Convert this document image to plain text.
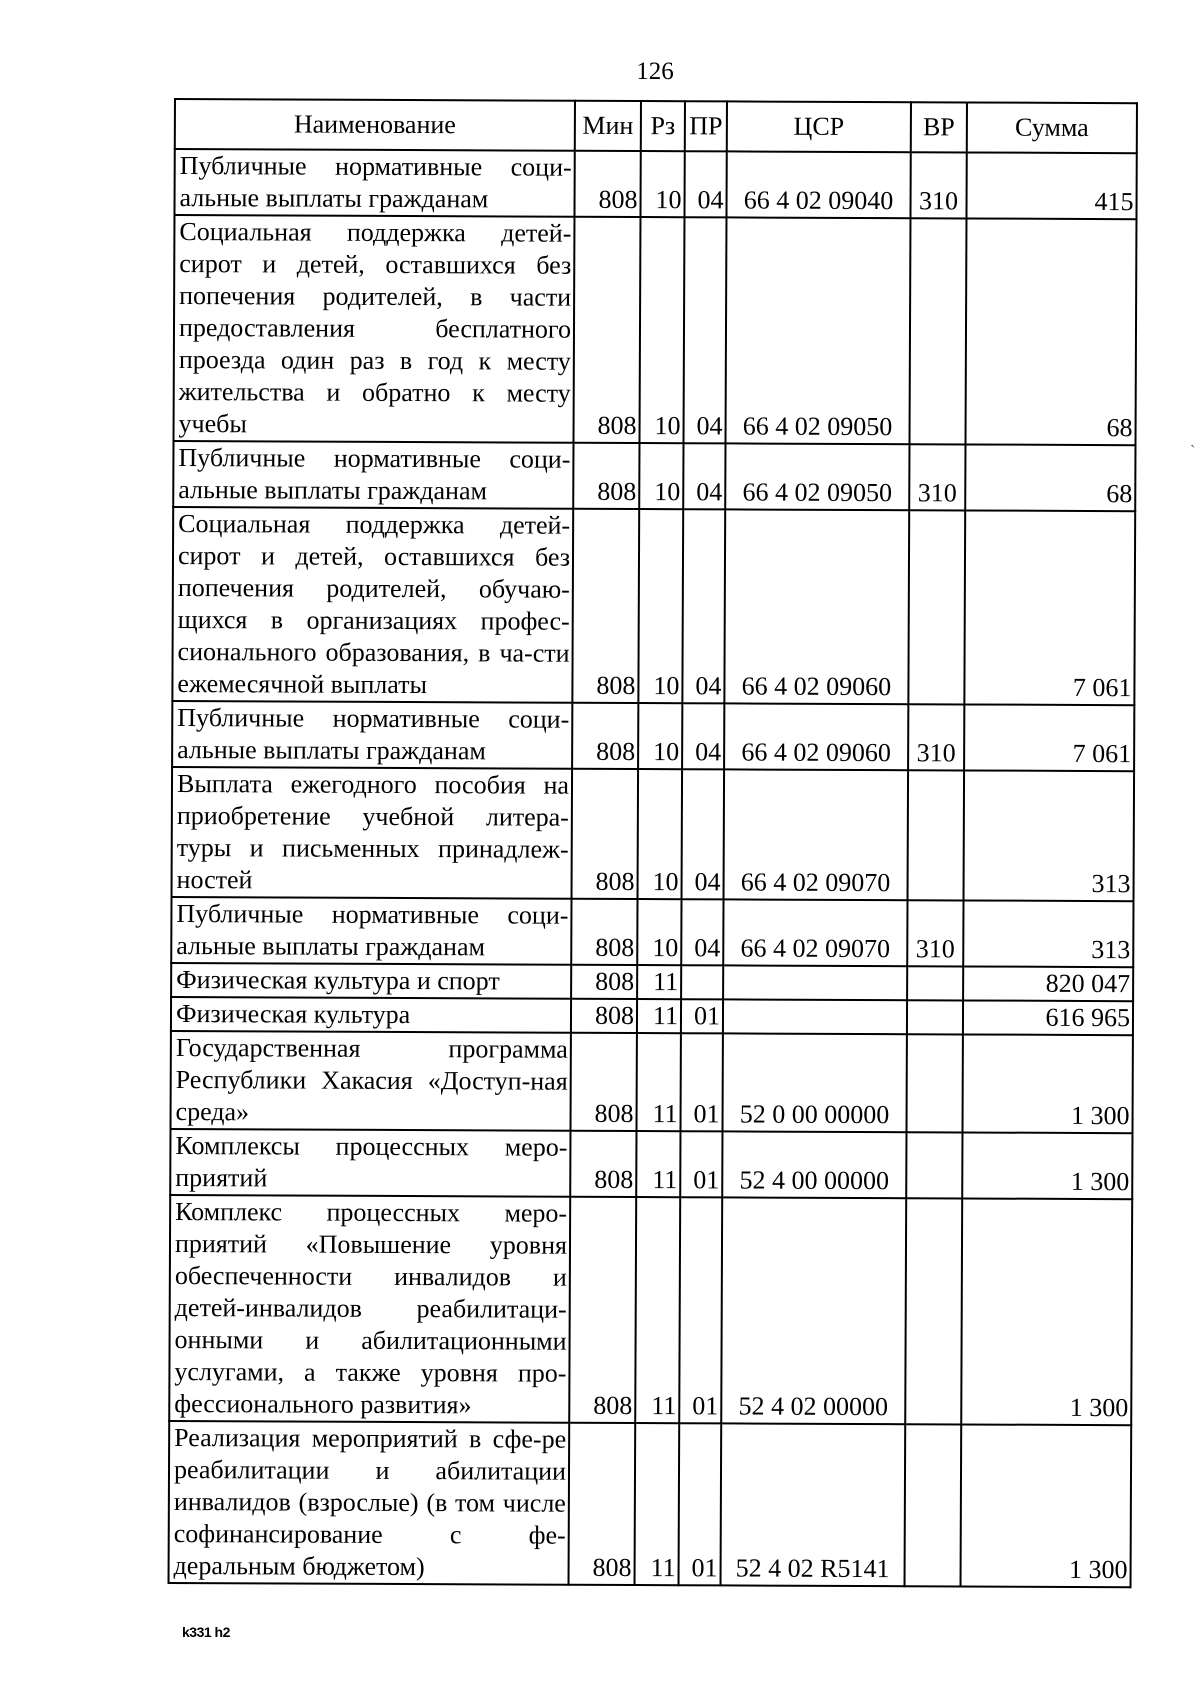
126
Наименование	Мин	Рз	ПР	ЦСР	ВР	Сумма
Публичные нормативные соци-альные выплаты гражданам	808	10	04	66 4 02 09040	310	415
Социальная поддержка детей-сирот и детей, оставшихся без попечения родителей, в части предоставления бесплатного проезда один раз в год к месту жительства и обратно к месту учебы	808	10	04	66 4 02 09050		68
Публичные нормативные соци-альные выплаты гражданам	808	10	04	66 4 02 09050	310	68
Социальная поддержка детей-сирот и детей, оставшихся без попечения родителей, обучаю-щихся в организациях профес-сионального образования, в ча-сти ежемесячной выплаты	808	10	04	66 4 02 09060		7 061
Публичные нормативные соци-альные выплаты гражданам	808	10	04	66 4 02 09060	310	7 061
Выплата ежегодного пособия на приобретение учебной литера-туры и письменных принадлеж-ностей	808	10	04	66 4 02 09070		313
Публичные нормативные соци-альные выплаты гражданам	808	10	04	66 4 02 09070	310	313
Физическая культура и спорт	808	11				820 047
Физическая культура	808	11	01			616 965
Государственная программа Республики Хакасия «Доступ-ная среда»	808	11	01	52 0 00 00000		1 300
Комплексы процессных меро-приятий	808	11	01	52 4 00 00000		1 300
Комплекс процессных меро-приятий «Повышение уровня обеспеченности инвалидов и детей-инвалидов реабилитаци-онными и абилитационными услугами, а также уровня про-фессионального развития»	808	11	01	52 4 02 00000		1 300
Реализация мероприятий в сфе-ре реабилитации и абилитации инвалидов (взрослые) (в том числе софинансирование с фе-деральным бюджетом)	808	11	01	52 4 02 R5141		1 300
`
k331 h2
